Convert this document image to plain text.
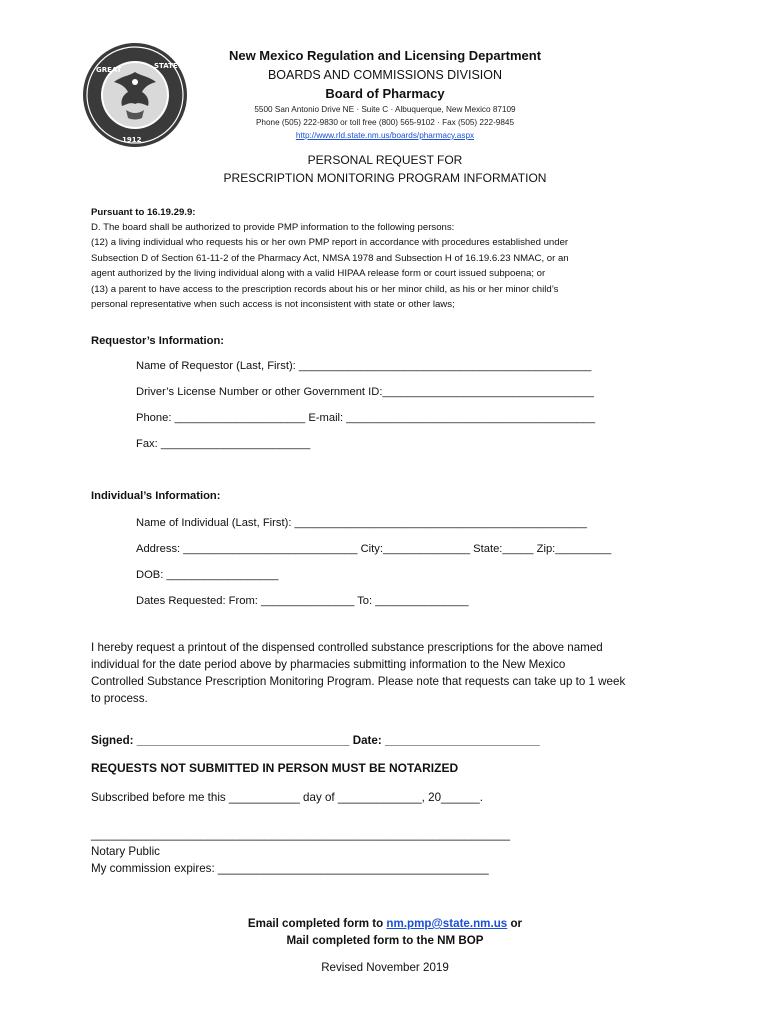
GREAT	STATE
1912
New Mexico Regulation and Licensing Department
BOARDS AND COMMISSIONS DIVISION
Board of Pharmacy
5500 San Antonio Drive NE · Suite C · Albuquerque, New Mexico 87109
Phone (505) 222-9830 or toll free (800) 565-9102 · Fax (505) 222-9845
http://www.rld.state.nm.us/boards/pharmacy.aspx
PERSONAL REQUEST FOR
PRESCRIPTION MONITORING PROGRAM INFORMATION
Pursuant to 16.19.29.9:
D. The board shall be authorized to provide PMP information to the following persons:
(12) a living individual who requests his or her own PMP report in accordance with procedures established under
Subsection D of Section 61-11-2 of the Pharmacy Act, NMSA 1978 and Subsection H of 16.19.6.23 NMAC, or an
agent authorized by the living individual along with a valid HIPAA release form or court issued subpoena; or
(13) a parent to have access to the prescription records about his or her minor child, as his or her minor child’s
personal representative when such access is not inconsistent with state or other laws;
Requestor’s Information:
Name of Requestor (Last, First): _______________________________________________
Driver’s License Number or other Government ID:__________________________________
Phone: _____________________ E-mail: ________________________________________
Fax: ________________________
Individual’s Information:
Name of Individual (Last, First): _______________________________________________
Address: ____________________________ City:______________ State:_____ Zip:_________
DOB: __________________
Dates Requested: From: _______________ To: _______________
I hereby request a printout of the dispensed controlled substance prescriptions for the above named
individual for the date period above by pharmacies submitting information to the New Mexico
Controlled Substance Prescription Monitoring Program. Please note that requests can take up to 1 week
to process.
Signed: _________________________________ Date: ________________________
REQUESTS NOT SUBMITTED IN PERSON MUST BE NOTARIZED
Subscribed before me this ___________ day of _____________, 20______.
_________________________________________________________________
Notary Public
My commission expires: __________________________________________
Email completed form to nm.pmp@state.nm.us or
Mail completed form to the NM BOP
Revised November 2019
